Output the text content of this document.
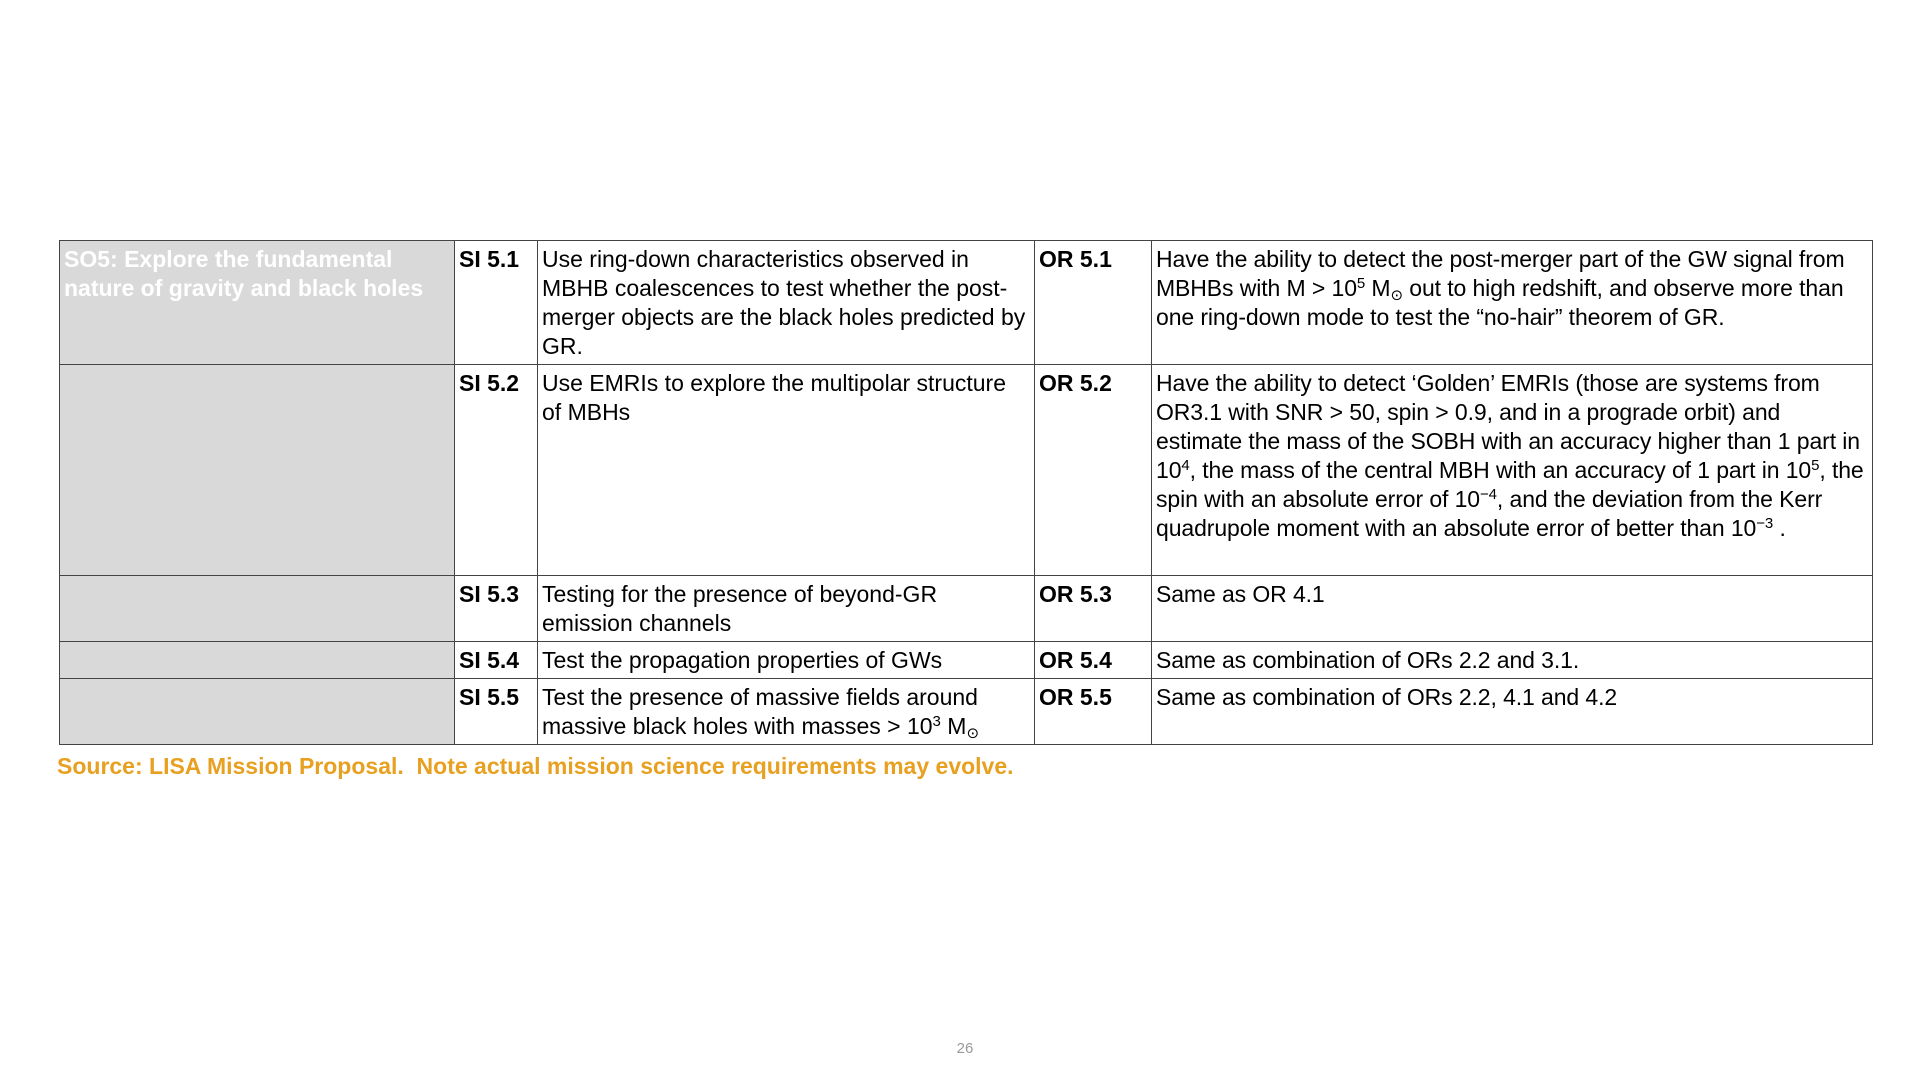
SO5: Explore the fundamental nature of gravity and black holes	SI 5.1	Use ring-down characteristics observed in MBHB coalescences to test whether the post-merger objects are the black holes predicted by GR.	OR 5.1	Have the ability to detect the post-merger part of the GW signal from MBHBs with $M > 10^5$ $M_⊙$ out to high redshift, and observe more than one ring-down mode to test the “no-hair” theorem of GR.
	SI 5.2	Use EMRIs to explore the multipolar structure of MBHs	OR 5.2	Have the ability to detect ‘Golden’ EMRIs (those are systems from OR3.1 with SNR > 50, spin > 0.9, and in a prograde orbit) and estimate the mass of the SOBH with an accuracy higher than 1 part in $10^4$, the mass of the central MBH with an accuracy of 1 part in $10^5$, the spin with an absolute error of $10^{-4}$, and the deviation from the Kerr quadrupole moment with an absolute error of better than $10^{-3}$ .
	SI 5.3	Testing for the presence of beyond-GR emission channels	OR 5.3	Same as OR 4.1
	SI 5.4	Test the propagation properties of GWs	OR 5.4	Same as combination of ORs 2.2 and 3.1.
	SI 5.5	Test the presence of massive fields around massive black holes with masses > $10^3$ $M_⊙$	OR 5.5	Same as combination of ORs 2.2, 4.1 and 4.2
Source: LISA Mission Proposal.  Note actual mission science requirements may evolve.
26
